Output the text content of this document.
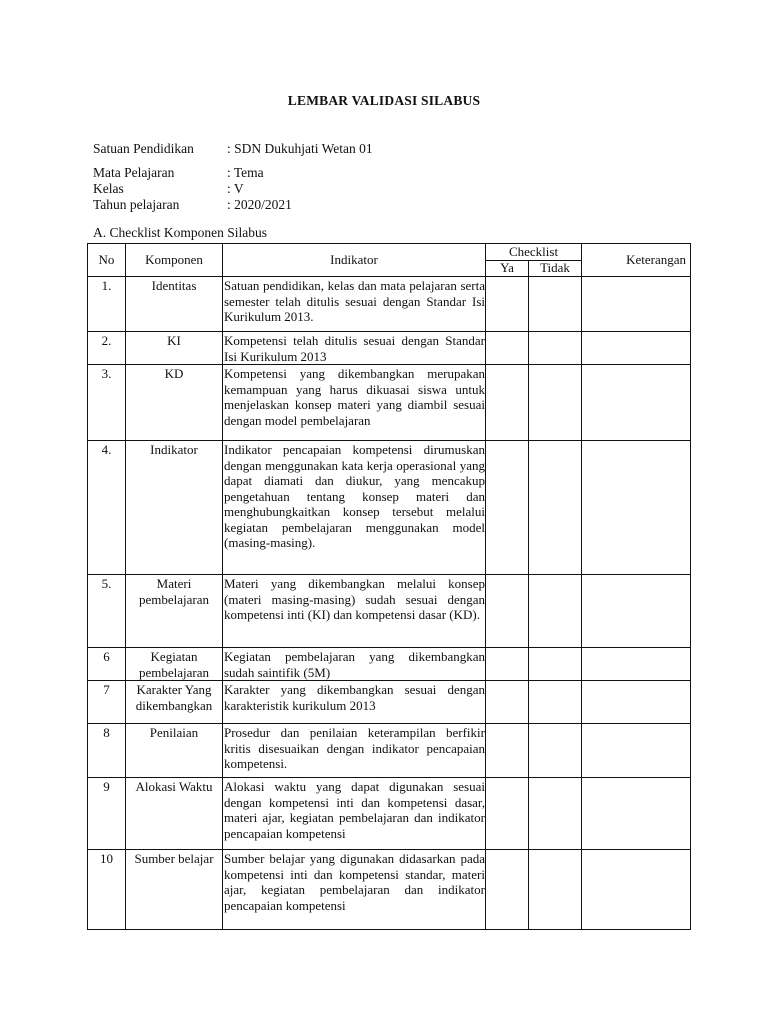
LEMBAR VALIDASI SILABUS
Satuan Pendidikan	: SDN Dukuhjati Wetan 01
Mata Pelajaran	: Tema
Kelas	: V
Tahun pelajaran	: 2020/2021
A. Checklist Komponen Silabus
No	Komponen	Indikator	Checklist		Keterangan
			Ya	Tidak	
1.	Identitas	Satuan pendidikan, kelas dan mata pelajaran serta semester telah ditulis sesuai dengan Standar Isi Kurikulum 2013.			
2.	KI	Kompetensi telah ditulis sesuai dengan Standar Isi Kurikulum 2013			
3.	KD	Kompetensi yang dikembangkan merupakan kemampuan yang harus dikuasai siswa untuk menjelaskan konsep materi yang diambil sesuai dengan model pembelajaran			
4.	Indikator	Indikator pencapaian kompetensi dirumuskan dengan menggunakan kata kerja operasional yang dapat diamati dan diukur, yang mencakup pengetahuan tentang konsep materi dan menghubungkaitkan konsep tersebut melalui kegiatan pembelajaran menggunakan model (masing-masing).			
5.	Materi pembelajaran	Materi yang dikembangkan melalui konsep (materi masing-masing) sudah sesuai dengan kompetensi inti (KI) dan kompetensi dasar (KD).			
6	Kegiatan pembelajaran	Kegiatan pembelajaran yang dikembangkan sudah saintifik (5M)			
7	Karakter Yang dikembangkan	Karakter yang dikembangkan sesuai dengan karakteristik kurikulum 2013			
8	Penilaian	Prosedur dan penilaian keterampilan berfikir kritis disesuaikan dengan indikator pencapaian kompetensi.			
9	Alokasi Waktu	Alokasi waktu yang dapat digunakan sesuai dengan kompetensi inti dan kompetensi dasar, materi ajar, kegiatan pembelajaran dan indikator pencapaian kompetensi			
10	Sumber belajar	Sumber belajar yang digunakan didasarkan pada kompetensi inti dan kompetensi standar, materi ajar, kegiatan pembelajaran dan indikator pencapaian kompetensi			
